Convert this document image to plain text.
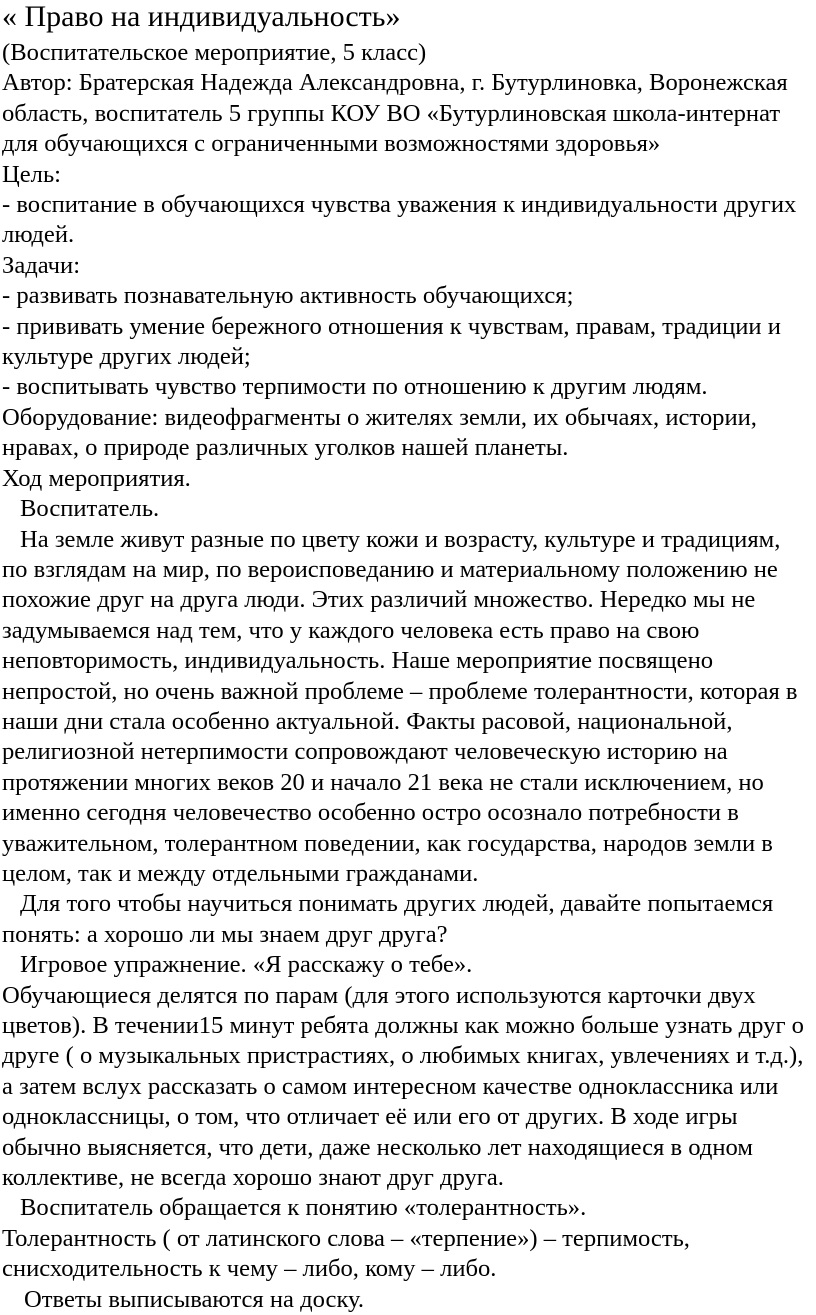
« Право на индивидуальность»

(Воспитательское мероприятие, 5 класс)

Автор: Братерская Надежда Александровна, г. Бутурлиновка, Воронежская область, воспитатель 5 группы КОУ ВО «Бутурлиновская школа-интернат для обучающихся с ограниченными возможностями здоровья»

Цель:

- воспитание в обучающихся чувства уважения к индивидуальности других людей.

Задачи:

- развивать познавательную активность обучающихся;

- прививать умение бережного отношения к чувствам, правам, традиции и культуре других людей;

- воспитывать чувство терпимости по отношению к другим людям.

Оборудование: видеофрагменты о жителях земли, их обычаях, истории, нравах, о природе различных уголков нашей планеты.

Ход мероприятия.

Воспитатель.

На земле живут разные по цвету кожи и возрасту, культуре и традициям, по взглядам на мир, по вероисповеданию и материальному положению не похожие друг на друга люди. Этих различий множество. Нередко мы не задумываемся над тем, что у каждого человека есть право на свою неповторимость, индивидуальность. Наше мероприятие посвящено непростой, но очень важной проблеме – проблеме толерантности, которая в наши дни стала особенно актуальной. Факты расовой, национальной, религиозной нетерпимости сопровождают человеческую историю на протяжении многих веков 20 и начало 21 века не стали исключением, но именно сегодня человечество особенно остро осознало потребности в уважительном, толерантном поведении, как государства, народов земли в целом, так и между отдельными гражданами.

Для того чтобы научиться понимать других людей, давайте попытаемся понять: а хорошо ли мы знаем друг друга?

Игровое упражнение. «Я расскажу о тебе».

Обучающиеся делятся по парам (для этого используются карточки двух цветов). В течении15 минут ребята должны как можно больше узнать друг о друге ( о музыкальных пристрастиях, о любимых книгах, увлечениях и т.д.), а затем вслух рассказать о самом интересном качестве одноклассника или одноклассницы, о том, что отличает её или его от других. В ходе игры обычно выясняется, что дети, даже несколько лет находящиеся в одном коллективе, не всегда хорошо знают друг друга.

Воспитатель обращается к понятию «толерантность».

Толерантность ( от латинского слова – «терпение») – терпимость, снисходительность к чему – либо, кому – либо.

Ответы выписываются на доску.
